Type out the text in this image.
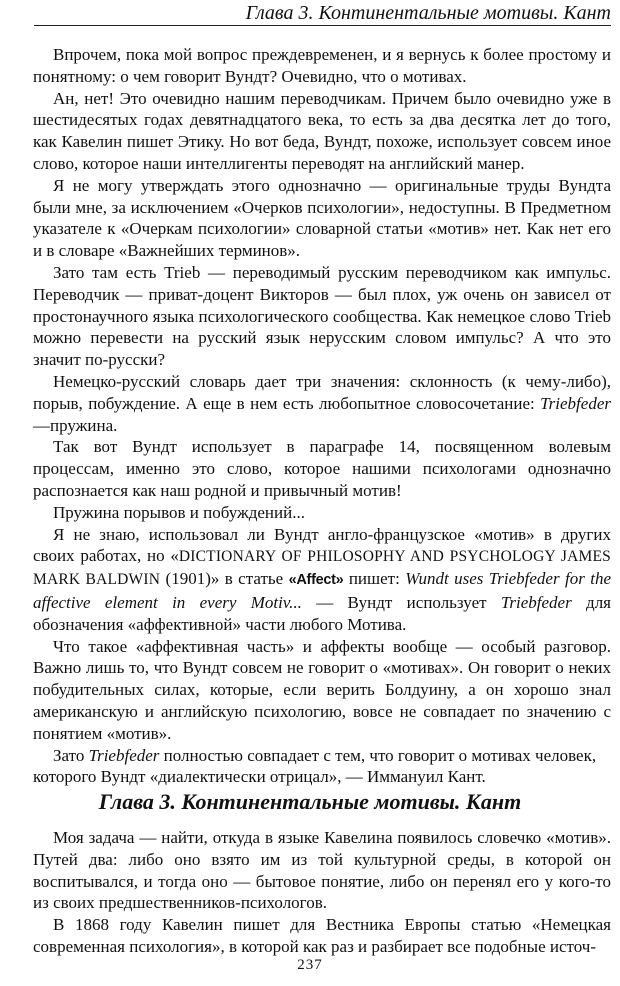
Глава 3. Континентальные мотивы. Кант

Впрочем, пока мой вопрос преждевременен, и я вернусь к более простому и понятному: о чем говорит Вундт? Очевидно, что о мотивах.

Ан, нет! Это очевидно нашим переводчикам. Причем было очевидно уже в шестидесятых годах девятнадцатого века, то есть за два десятка лет до того, как Кавелин пишет Этику. Но вот беда, Вундт, похоже, использует совсем иное слово, которое наши интеллигенты переводят на английский манер.

Я не могу утверждать этого однозначно — оригинальные труды Вундта были мне, за исключением «Очерков психологии», недоступны. В Предметном указателе к «Очеркам психологии» словарной статьи «мотив» нет. Как нет его и в словаре «Важнейших терминов».

Зато там есть Trieb — переводимый русским переводчиком как импульс. Переводчик — приват-доцент Викторов — был плох, уж очень он зависел от простонаучного языка психологического сообщества. Как немецкое слово Trieb можно перевести на русский язык нерусским словом импульс? А что это значит по-русски?

Немецко-русский словарь дает три значения: склонность (к чему-либо), порыв, побуждение. А еще в нем есть любопытное словосочетание: Triebfeder—пружина.

Так вот Вундт использует в параграфе 14, посвященном волевым процессам, именно это слово, которое нашими психологами однозначно распознается как наш родной и привычный мотив!

Пружина порывов и побуждений...

Я не знаю, использовал ли Вундт англо-французское «мотив» в других своих работах, но «DICTIONARY OF PHILOSOPHY AND PSYCHOLOGY JAMES MARK BALDWIN (1901)» в статье «Affect» пишет: Wundt uses Triebfeder for the affective element in every Motiv... — Вундт использует Triebfeder для обозначения «аффективной» части любого Мотива.

Что такое «аффективная часть» и аффекты вообще — особый разговор. Важно лишь то, что Вундт совсем не говорит о «мотивах». Он говорит о неких побудительных силах, которые, если верить Болдуину, а он хорошо знал американскую и английскую психологию, вовсе не совпадает по значению с понятием «мотив».

Зато Triebfeder полностью совпадает с тем, что говорит о мотивах человек, которого Вундт «диалектически отрицал», — Иммануил Кант.

Глава 3. Континентальные мотивы. Кант

Моя задача — найти, откуда в языке Кавелина появилось словечко «мотив». Путей два: либо оно взято им из той культурной среды, в которой он воспитывался, и тогда оно — бытовое понятие, либо он перенял его у кого-то из своих предшественников-психологов.

В 1868 году Кавелин пишет для Вестника Европы статью «Немецкая современная психология», в которой как раз и разбирает все подобные источ-

237
